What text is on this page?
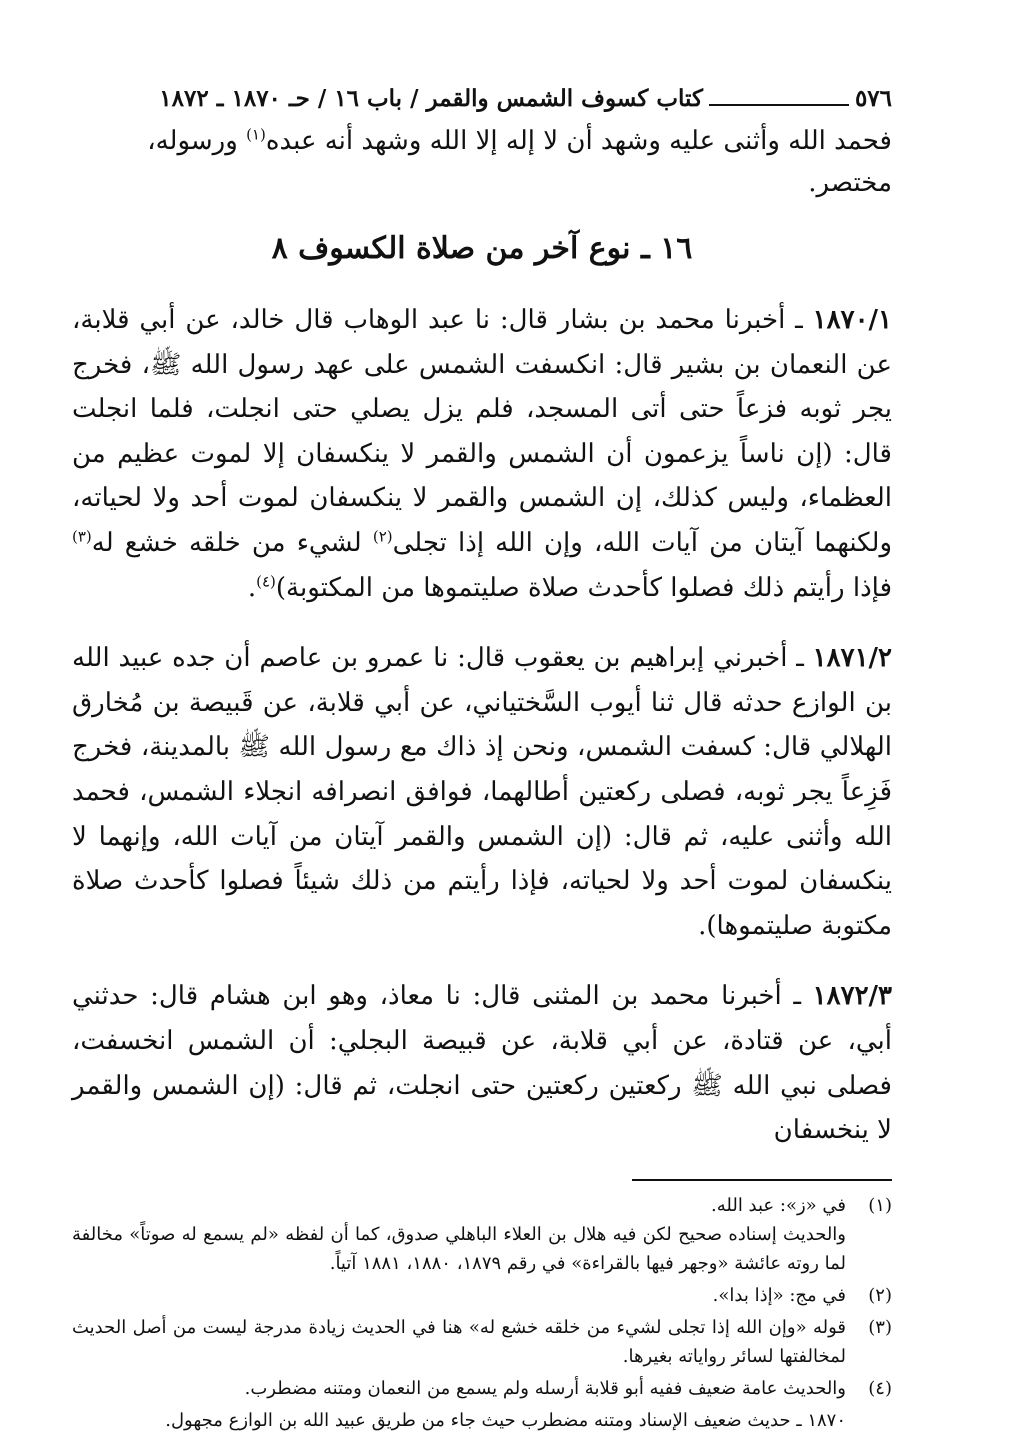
٥٧٦
كتاب كسوف الشمس والقمر / باب ١٦ / حـ ١٨٧٠ ـ ١٨٧٢
فحمد الله وأثنى عليه وشهد أن لا إله إلا الله وشهد أنه عبده$^{(١)}$ ورسوله، مختصر.
١٦ ـ نوع آخر من صلاة الكسوف ٨

١٨٧٠/١ ـ أخبرنا محمد بن بشار قال: نا عبد الوهاب قال خالد، عن أبي قلابة، عن النعمان بن بشير قال: انكسفت الشمس على عهد رسول الله ﷺ، فخرج يجر ثوبه فزعاً حتى أتى المسجد، فلم يزل يصلي حتى انجلت، فلما انجلت قال: (إن ناساً يزعمون أن الشمس والقمر لا ينكسفان إلا لموت عظيم من العظماء، وليس كذلك، إن الشمس والقمر لا ينكسفان لموت أحد ولا لحياته، ولكنهما آيتان من آيات الله، وإن الله إذا تجلى$^{(٢)}$ لشيء من خلقه خشع له$^{(٣)}$ فإذا رأيتم ذلك فصلوا كأحدث صلاة صليتموها من المكتوبة)$^{(٤)}$.

١٨٧١/٢ ـ أخبرني إبراهيم بن يعقوب قال: نا عمرو بن عاصم أن جده عبيد الله بن الوازع حدثه قال ثنا أيوب السَّختياني، عن أبي قلابة، عن قَبيصة بن مُخارق الهلالي قال: كسفت الشمس، ونحن إذ ذاك مع رسول الله ﷺ بالمدينة، فخرج فَزِعاً يجر ثوبه، فصلى ركعتين أطالهما، فوافق انصرافه انجلاء الشمس، فحمد الله وأثنى عليه، ثم قال: (إن الشمس والقمر آيتان من آيات الله، وإنهما لا ينكسفان لموت أحد ولا لحياته، فإذا رأيتم من ذلك شيئاً فصلوا كأحدث صلاة مكتوبة صليتموها).

١٨٧٢/٣ ـ أخبرنا محمد بن المثنى قال: نا معاذ، وهو ابن هشام قال: حدثني أبي، عن قتادة، عن أبي قلابة، عن قبيصة البجلي: أن الشمس انخسفت، فصلى نبي الله ﷺ ركعتين ركعتين حتى انجلت، ثم قال: (إن الشمس والقمر لا ينخسفان

(١)
في «ز»: عبد الله.
والحديث إسناده صحيح لكن فيه هلال بن العلاء الباهلي صدوق، كما أن لفظه «لم يسمع له صوتاً» مخالفة لما روته عائشة «وجهر فيها بالقراءة» في رقم ١٨٧٩، ١٨٨٠، ١٨٨١ آتياً.
(٢)
في مج: «إذا بدا».
(٣)
قوله «وإن الله إذا تجلى لشيء من خلقه خشع له» هنا في الحديث زيادة مدرجة ليست من أصل الحديث لمخالفتها لسائر رواياته بغيرها.
(٤)
والحديث عامة ضعيف ففيه أبو قلابة أرسله ولم يسمع من النعمان ومتنه مضطرب.
١٨٧٠ ـ حديث ضعيف الإسناد ومتنه مضطرب حيث جاء من طريق عبيد الله بن الوازع مجهول.
